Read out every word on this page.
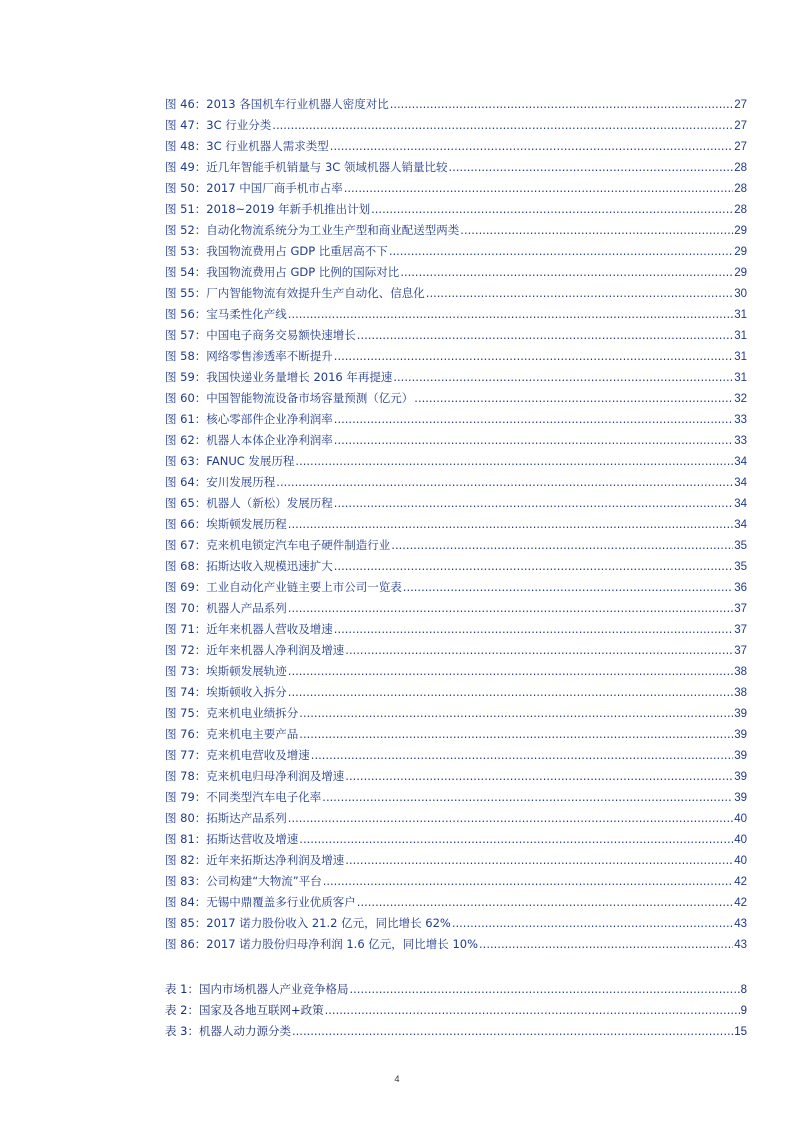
图 46：2013 各国机车行业机器人密度对比 .....	27
图 47：3C 行业分类 .....	27
图 48：3C 行业机器人需求类型 .....	27
图 49：近几年智能手机销量与 3C 领域机器人销量比较 .....	28
图 50：2017 中国厂商手机市占率 .....	28
图 51：2018~2019 年新手机推出计划 .....	28
图 52：自动化物流系统分为工业生产型和商业配送型两类 .....	29
图 53：我国物流费用占 GDP 比重居高不下 .....	29
图 54：我国物流费用占 GDP 比例的国际对比 .....	29
图 55：厂内智能物流有效提升生产自动化、信息化 .....	30
图 56：宝马柔性化产线 .....	31
图 57：中国电子商务交易额快速增长 .....	31
图 58：网络零售渗透率不断提升 .....	31
图 59：我国快递业务量增长 2016 年再提速 .....	31
图 60：中国智能物流设备市场容量预测（亿元） .....	32
图 61：核心零部件企业净利润率 .....	33
图 62：机器人本体企业净利润率 .....	33
图 63：FANUC 发展历程 .....	34
图 64：安川发展历程 .....	34
图 65：机器人（新松）发展历程 .....	34
图 66：埃斯顿发展历程 .....	34
图 67：克来机电锁定汽车电子硬件制造行业 .....	35
图 68：拓斯达收入规模迅速扩大 .....	35
图 69：工业自动化产业链主要上市公司一览表 .....	36
图 70：机器人产品系列 .....	37
图 71：近年来机器人营收及增速 .....	37
图 72：近年来机器人净利润及增速 .....	37
图 73：埃斯顿发展轨迹 .....	38
图 74：埃斯顿收入拆分 .....	38
图 75：克来机电业绩拆分 .....	39
图 76：克来机电主要产品 .....	39
图 77：克来机电营收及增速 .....	39
图 78：克来机电归母净利润及增速 .....	39
图 79：不同类型汽车电子化率 .....	39
图 80：拓斯达产品系列 .....	40
图 81：拓斯达营收及增速 .....	40
图 82：近年来拓斯达净利润及增速 .....	40
图 83：公司构建“大物流”平台 .....	42
图 84：无锡中鼎覆盖多行业优质客户 .....	42
图 85：2017 诺力股份收入 21.2 亿元，同比增长 62% .....	43
图 86：2017 诺力股份归母净利润 1.6 亿元，同比增长 10% .....	43
表 1：国内市场机器人产业竞争格局 .....	8
表 2：国家及各地互联网+政策 .....	9
表 3：机器人动力源分类 .....	15
4
